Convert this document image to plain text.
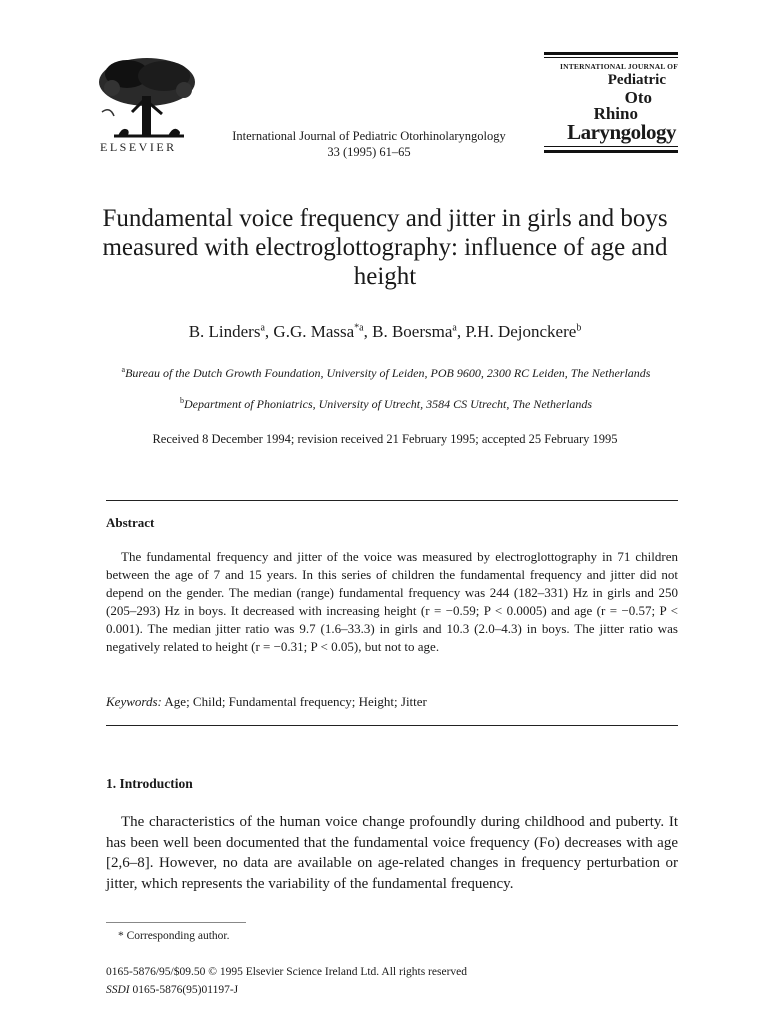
ELSEVIER
International Journal of Pediatric Otorhinolaryngology
33 (1995) 61–65
INTERNATIONAL JOURNAL OF
Pediatric
Oto
Rhino
Laryngology
Fundamental voice frequency and jitter in girls and boys measured with electroglottography: influence of age and height
B. Linders$^a$, G.G. Massa$^{*a}$, B. Boersma$^a$, P.H. Dejonckere$^b$
$^a$Bureau of the Dutch Growth Foundation, University of Leiden, POB 9600, 2300 RC Leiden, The Netherlands
$^b$Department of Phoniatrics, University of Utrecht, 3584 CS Utrecht, The Netherlands
Received 8 December 1994; revision received 21 February 1995; accepted 25 February 1995
Abstract
The fundamental frequency and jitter of the voice was measured by electroglottography in 71 children between the age of 7 and 15 years. In this series of children the fundamental frequency and jitter did not depend on the gender. The median (range) fundamental frequency was 244 (182–331) Hz in girls and 250 (205–293) Hz in boys. It decreased with increasing height (r = −0.59; P < 0.0005) and age (r = −0.57; P < 0.001). The median jitter ratio was 9.7 (1.6–33.3) in girls and 10.3 (2.0–4.3) in boys. The jitter ratio was negatively related to height (r = −0.31; P < 0.05), but not to age.
Keywords: Age; Child; Fundamental frequency; Height; Jitter
1. Introduction
The characteristics of the human voice change profoundly during childhood and puberty. It has been well been documented that the fundamental voice frequency (Fo) decreases with age [2,6–8]. However, no data are available on age-related changes in frequency perturbation or jitter, which represents the variability of the fundamental frequency.
* Corresponding author.
0165-5876/95/$09.50 © 1995 Elsevier Science Ireland Ltd. All rights reserved
SSDI 0165-5876(95)01197-J
